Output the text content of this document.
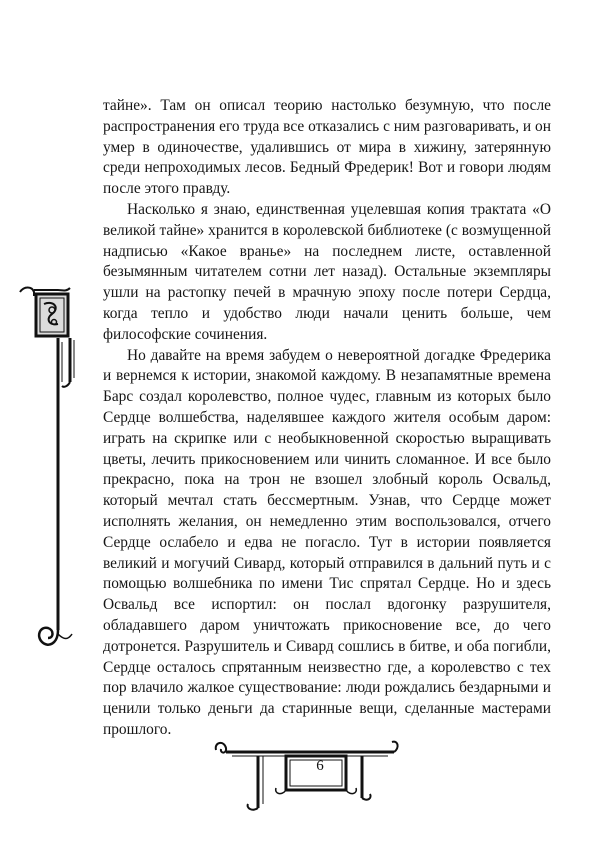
тайне». Там он описал теорию настолько безумную, что после распространения его труда все отказались с ним разговаривать, и он умер в одиночестве, удалившись от мира в хижину, затерянную среди непроходимых лесов. Бедный Фредерик! Вот и говори людям после этого правду.

Насколько я знаю, единственная уцелевшая копия трактата «О великой тайне» хранится в королевской библиотеке (с возмущенной надписью «Какое вранье» на последнем листе, оставленной безымянным читателем сотни лет назад). Остальные экземпляры ушли на растопку печей в мрачную эпоху после потери Сердца, когда тепло и удобство люди начали ценить больше, чем философские сочинения.

Но давайте на время забудем о невероятной догадке Фредерика и вернемся к истории, знакомой каждому. В незапамятные времена Барс создал королевство, полное чудес, главным из которых было Сердце волшебства, наделявшее каждого жителя особым даром: играть на скрипке или с необыкновенной скоростью выращивать цветы, лечить прикосновением или чинить сломанное. И все было прекрасно, пока на трон не взошел злобный король Освальд, который мечтал стать бессмертным. Узнав, что Сердце может исполнять желания, он немедленно этим воспользовался, отчего Сердце ослабело и едва не погасло. Тут в истории появляется великий и могучий Сивард, который отправился в дальний путь и с помощью волшебника по имени Тис спрятал Сердце. Но и здесь Освальд все испортил: он послал вдогонку разрушителя, обладавшего даром уничтожать прикосновение все, до чего дотронется. Разрушитель и Сивард сошлись в битве, и оба погибли, Сердце осталось спрятанным неизвестно где, а королевство с тех пор влачило жалкое существование: люди рождались бездарными и ценили только деньги да старинные вещи, сделанные мастерами прошлого.

6
